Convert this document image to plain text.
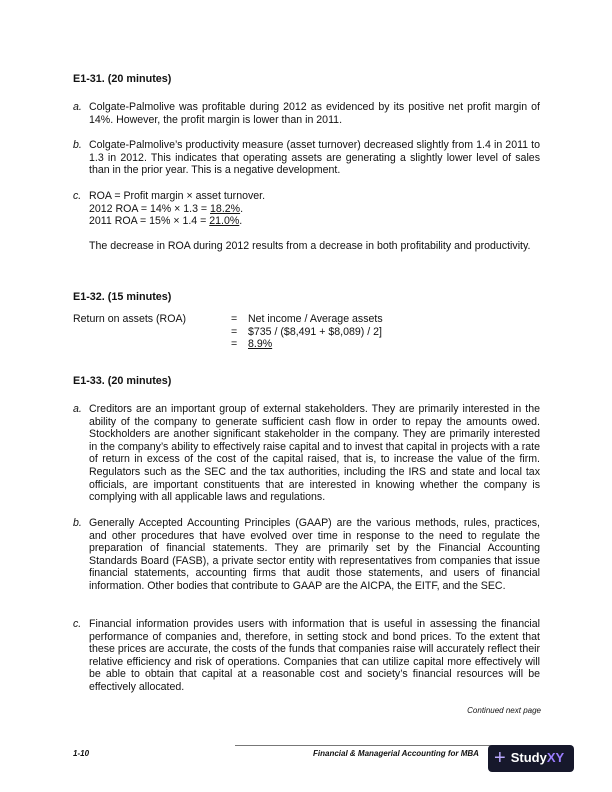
E1-31. (20 minutes)
a. Colgate-Palmolive was profitable during 2012 as evidenced by its positive net profit margin of 14%. However, the profit margin is lower than in 2011.
b. Colgate-Palmolive’s productivity measure (asset turnover) decreased slightly from 1.4 in 2011 to 1.3 in 2012. This indicates that operating assets are generating a slightly lower level of sales than in the prior year. This is a negative development.
c. ROA = Profit margin × asset turnover.
2012 ROA = 14% × 1.3 = 18.2%.
2011 ROA = 15% × 1.4 = 21.0%.
The decrease in ROA during 2012 results from a decrease in both profitability and productivity.
E1-32. (15 minutes)
Return on assets (ROA)	= Net income / Average assets
= $735 / ($8,491 + $8,089) / 2]
= 8.9%
E1-33. (20 minutes)
a. Creditors are an important group of external stakeholders. They are primarily interested in the ability of the company to generate sufficient cash flow in order to repay the amounts owed. Stockholders are another significant stakeholder in the company. They are primarily interested in the company’s ability to effectively raise capital and to invest that capital in projects with a rate of return in excess of the cost of the capital raised, that is, to increase the value of the firm. Regulators such as the SEC and the tax authorities, including the IRS and state and local tax officials, are important constituents that are interested in knowing whether the company is complying with all applicable laws and regulations.
b. Generally Accepted Accounting Principles (GAAP) are the various methods, rules, practices, and other procedures that have evolved over time in response to the need to regulate the preparation of financial statements. They are primarily set by the Financial Accounting Standards Board (FASB), a private sector entity with representatives from companies that issue financial statements, accounting firms that audit those statements, and users of financial information. Other bodies that contribute to GAAP are the AICPA, the EITF, and the SEC.
c. Financial information provides users with information that is useful in assessing the financial performance of companies and, therefore, in setting stock and bond prices. To the extent that these prices are accurate, the costs of the funds that companies raise will accurately reflect their relative efficiency and risk of operations. Companies that can utilize capital more effectively will be able to obtain that capital at a reasonable cost and society’s financial resources will be effectively allocated.
Continued next page
1-10	Financial & Managerial Accounting for MBA + Study XY
